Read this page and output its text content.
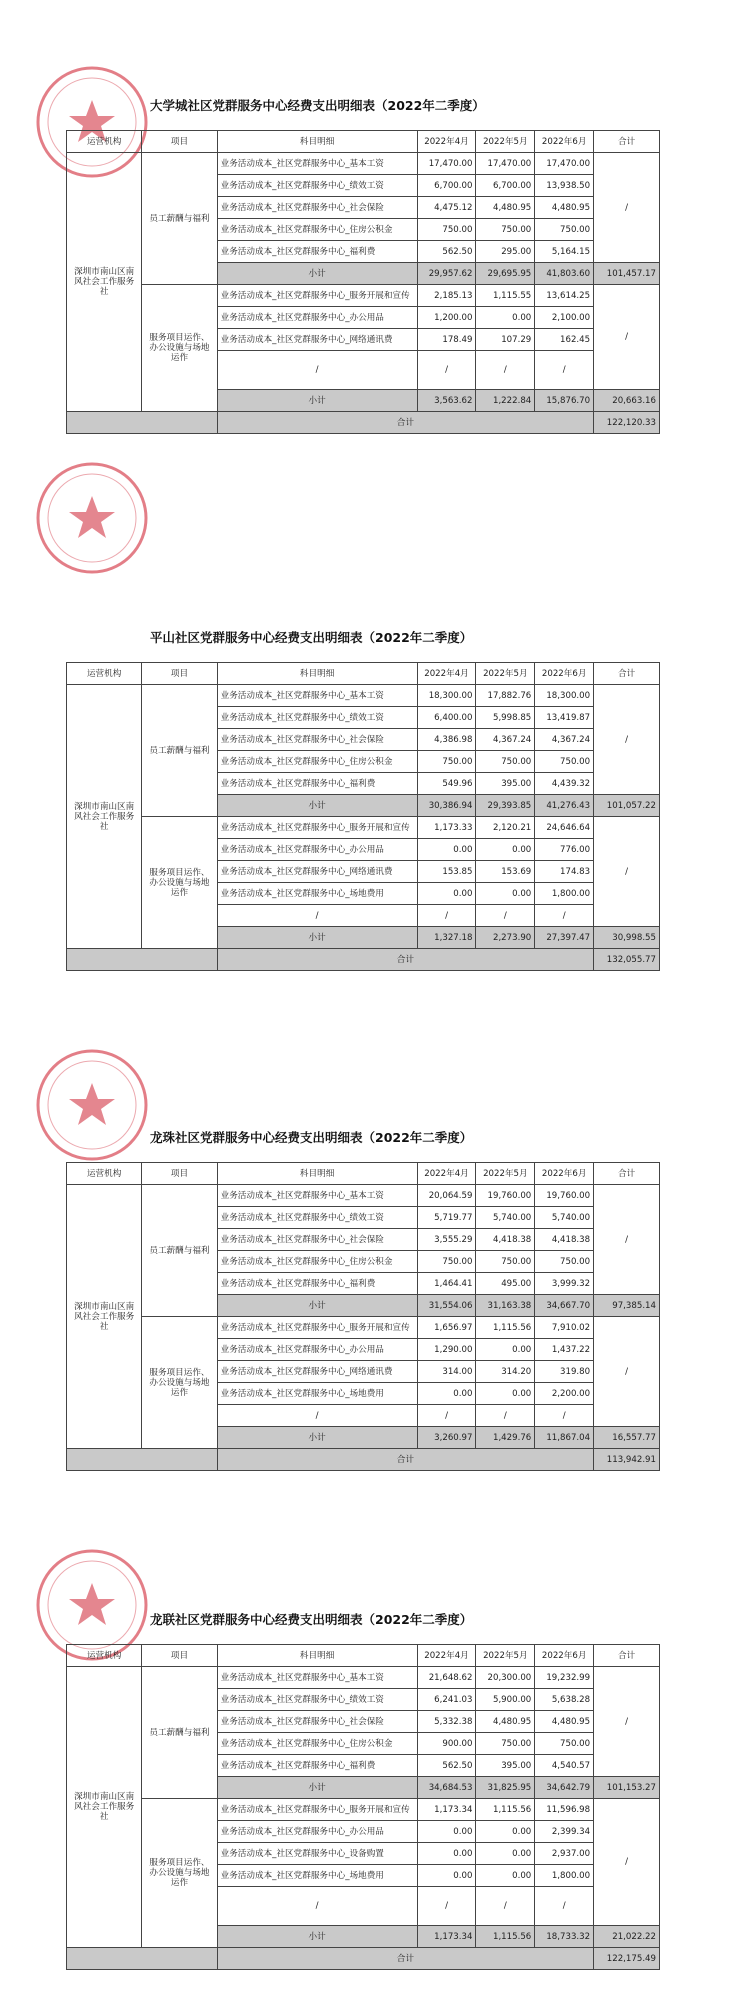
大学城社区党群服务中心经费支出明细表（2022年二季度）
运营机构	项目	科目明细	2022年4月	2022年5月	2022年6月	合计
深圳市南山区南风社会工作服务社	员工薪酬与福利	业务活动成本_社区党群服务中心_基本工资	17,470.00	17,470.00	17,470.00	/
		业务活动成本_社区党群服务中心_绩效工资	6,700.00	6,700.00	13,938.50	
		业务活动成本_社区党群服务中心_社会保险	4,475.12	4,480.95	4,480.95	
		业务活动成本_社区党群服务中心_住房公积金	750.00	750.00	750.00	
		业务活动成本_社区党群服务中心_福利费	562.50	295.00	5,164.15	
		小计	29,957.62	29,695.95	41,803.60	101,457.17
	服务项目运作、办公设施与场地运作	业务活动成本_社区党群服务中心_服务开展和宣传	2,185.13	1,115.55	13,614.25	/
		业务活动成本_社区党群服务中心_办公用品	1,200.00	0.00	2,100.00	
		业务活动成本_社区党群服务中心_网络通讯费	178.49	107.29	162.45	
		/	/	/	/	
		小计	3,563.62	1,222.84	15,876.70	20,663.16
		合计				122,120.33
平山社区党群服务中心经费支出明细表（2022年二季度）
运营机构	项目	科目明细	2022年4月	2022年5月	2022年6月	合计
深圳市南山区南风社会工作服务社	员工薪酬与福利	业务活动成本_社区党群服务中心_基本工资	18,300.00	17,882.76	18,300.00	/
		业务活动成本_社区党群服务中心_绩效工资	6,400.00	5,998.85	13,419.87	
		业务活动成本_社区党群服务中心_社会保险	4,386.98	4,367.24	4,367.24	
		业务活动成本_社区党群服务中心_住房公积金	750.00	750.00	750.00	
		业务活动成本_社区党群服务中心_福利费	549.96	395.00	4,439.32	
		小计	30,386.94	29,393.85	41,276.43	101,057.22
	服务项目运作、办公设施与场地运作	业务活动成本_社区党群服务中心_服务开展和宣传	1,173.33	2,120.21	24,646.64	/
		业务活动成本_社区党群服务中心_办公用品	0.00	0.00	776.00	
		业务活动成本_社区党群服务中心_网络通讯费	153.85	153.69	174.83	
		业务活动成本_社区党群服务中心_场地费用	0.00	0.00	1,800.00	
		/	/	/	/	
		小计	1,327.18	2,273.90	27,397.47	30,998.55
		合计				132,055.77
龙珠社区党群服务中心经费支出明细表（2022年二季度）
运营机构	项目	科目明细	2022年4月	2022年5月	2022年6月	合计
深圳市南山区南风社会工作服务社	员工薪酬与福利	业务活动成本_社区党群服务中心_基本工资	20,064.59	19,760.00	19,760.00	/
		业务活动成本_社区党群服务中心_绩效工资	5,719.77	5,740.00	5,740.00	
		业务活动成本_社区党群服务中心_社会保险	3,555.29	4,418.38	4,418.38	
		业务活动成本_社区党群服务中心_住房公积金	750.00	750.00	750.00	
		业务活动成本_社区党群服务中心_福利费	1,464.41	495.00	3,999.32	
		小计	31,554.06	31,163.38	34,667.70	97,385.14
	服务项目运作、办公设施与场地运作	业务活动成本_社区党群服务中心_服务开展和宣传	1,656.97	1,115.56	7,910.02	/
		业务活动成本_社区党群服务中心_办公用品	1,290.00	0.00	1,437.22	
		业务活动成本_社区党群服务中心_网络通讯费	314.00	314.20	319.80	
		业务活动成本_社区党群服务中心_场地费用	0.00	0.00	2,200.00	
		/	/	/	/	
		小计	3,260.97	1,429.76	11,867.04	16,557.77
		合计				113,942.91
龙联社区党群服务中心经费支出明细表（2022年二季度）
运营机构	项目	科目明细	2022年4月	2022年5月	2022年6月	合计
深圳市南山区南风社会工作服务社	员工薪酬与福利	业务活动成本_社区党群服务中心_基本工资	21,648.62	20,300.00	19,232.99	/
		业务活动成本_社区党群服务中心_绩效工资	6,241.03	5,900.00	5,638.28	
		业务活动成本_社区党群服务中心_社会保险	5,332.38	4,480.95	4,480.95	
		业务活动成本_社区党群服务中心_住房公积金	900.00	750.00	750.00	
		业务活动成本_社区党群服务中心_福利费	562.50	395.00	4,540.57	
		小计	34,684.53	31,825.95	34,642.79	101,153.27
	服务项目运作、办公设施与场地运作	业务活动成本_社区党群服务中心_服务开展和宣传	1,173.34	1,115.56	11,596.98	/
		业务活动成本_社区党群服务中心_办公用品	0.00	0.00	2,399.34	
		业务活动成本_社区党群服务中心_设备购置	0.00	0.00	2,937.00	
		业务活动成本_社区党群服务中心_场地费用	0.00	0.00	1,800.00	
		/	/	/	/	
		小计	1,173.34	1,115.56	18,733.32	21,022.22
		合计				122,175.49
